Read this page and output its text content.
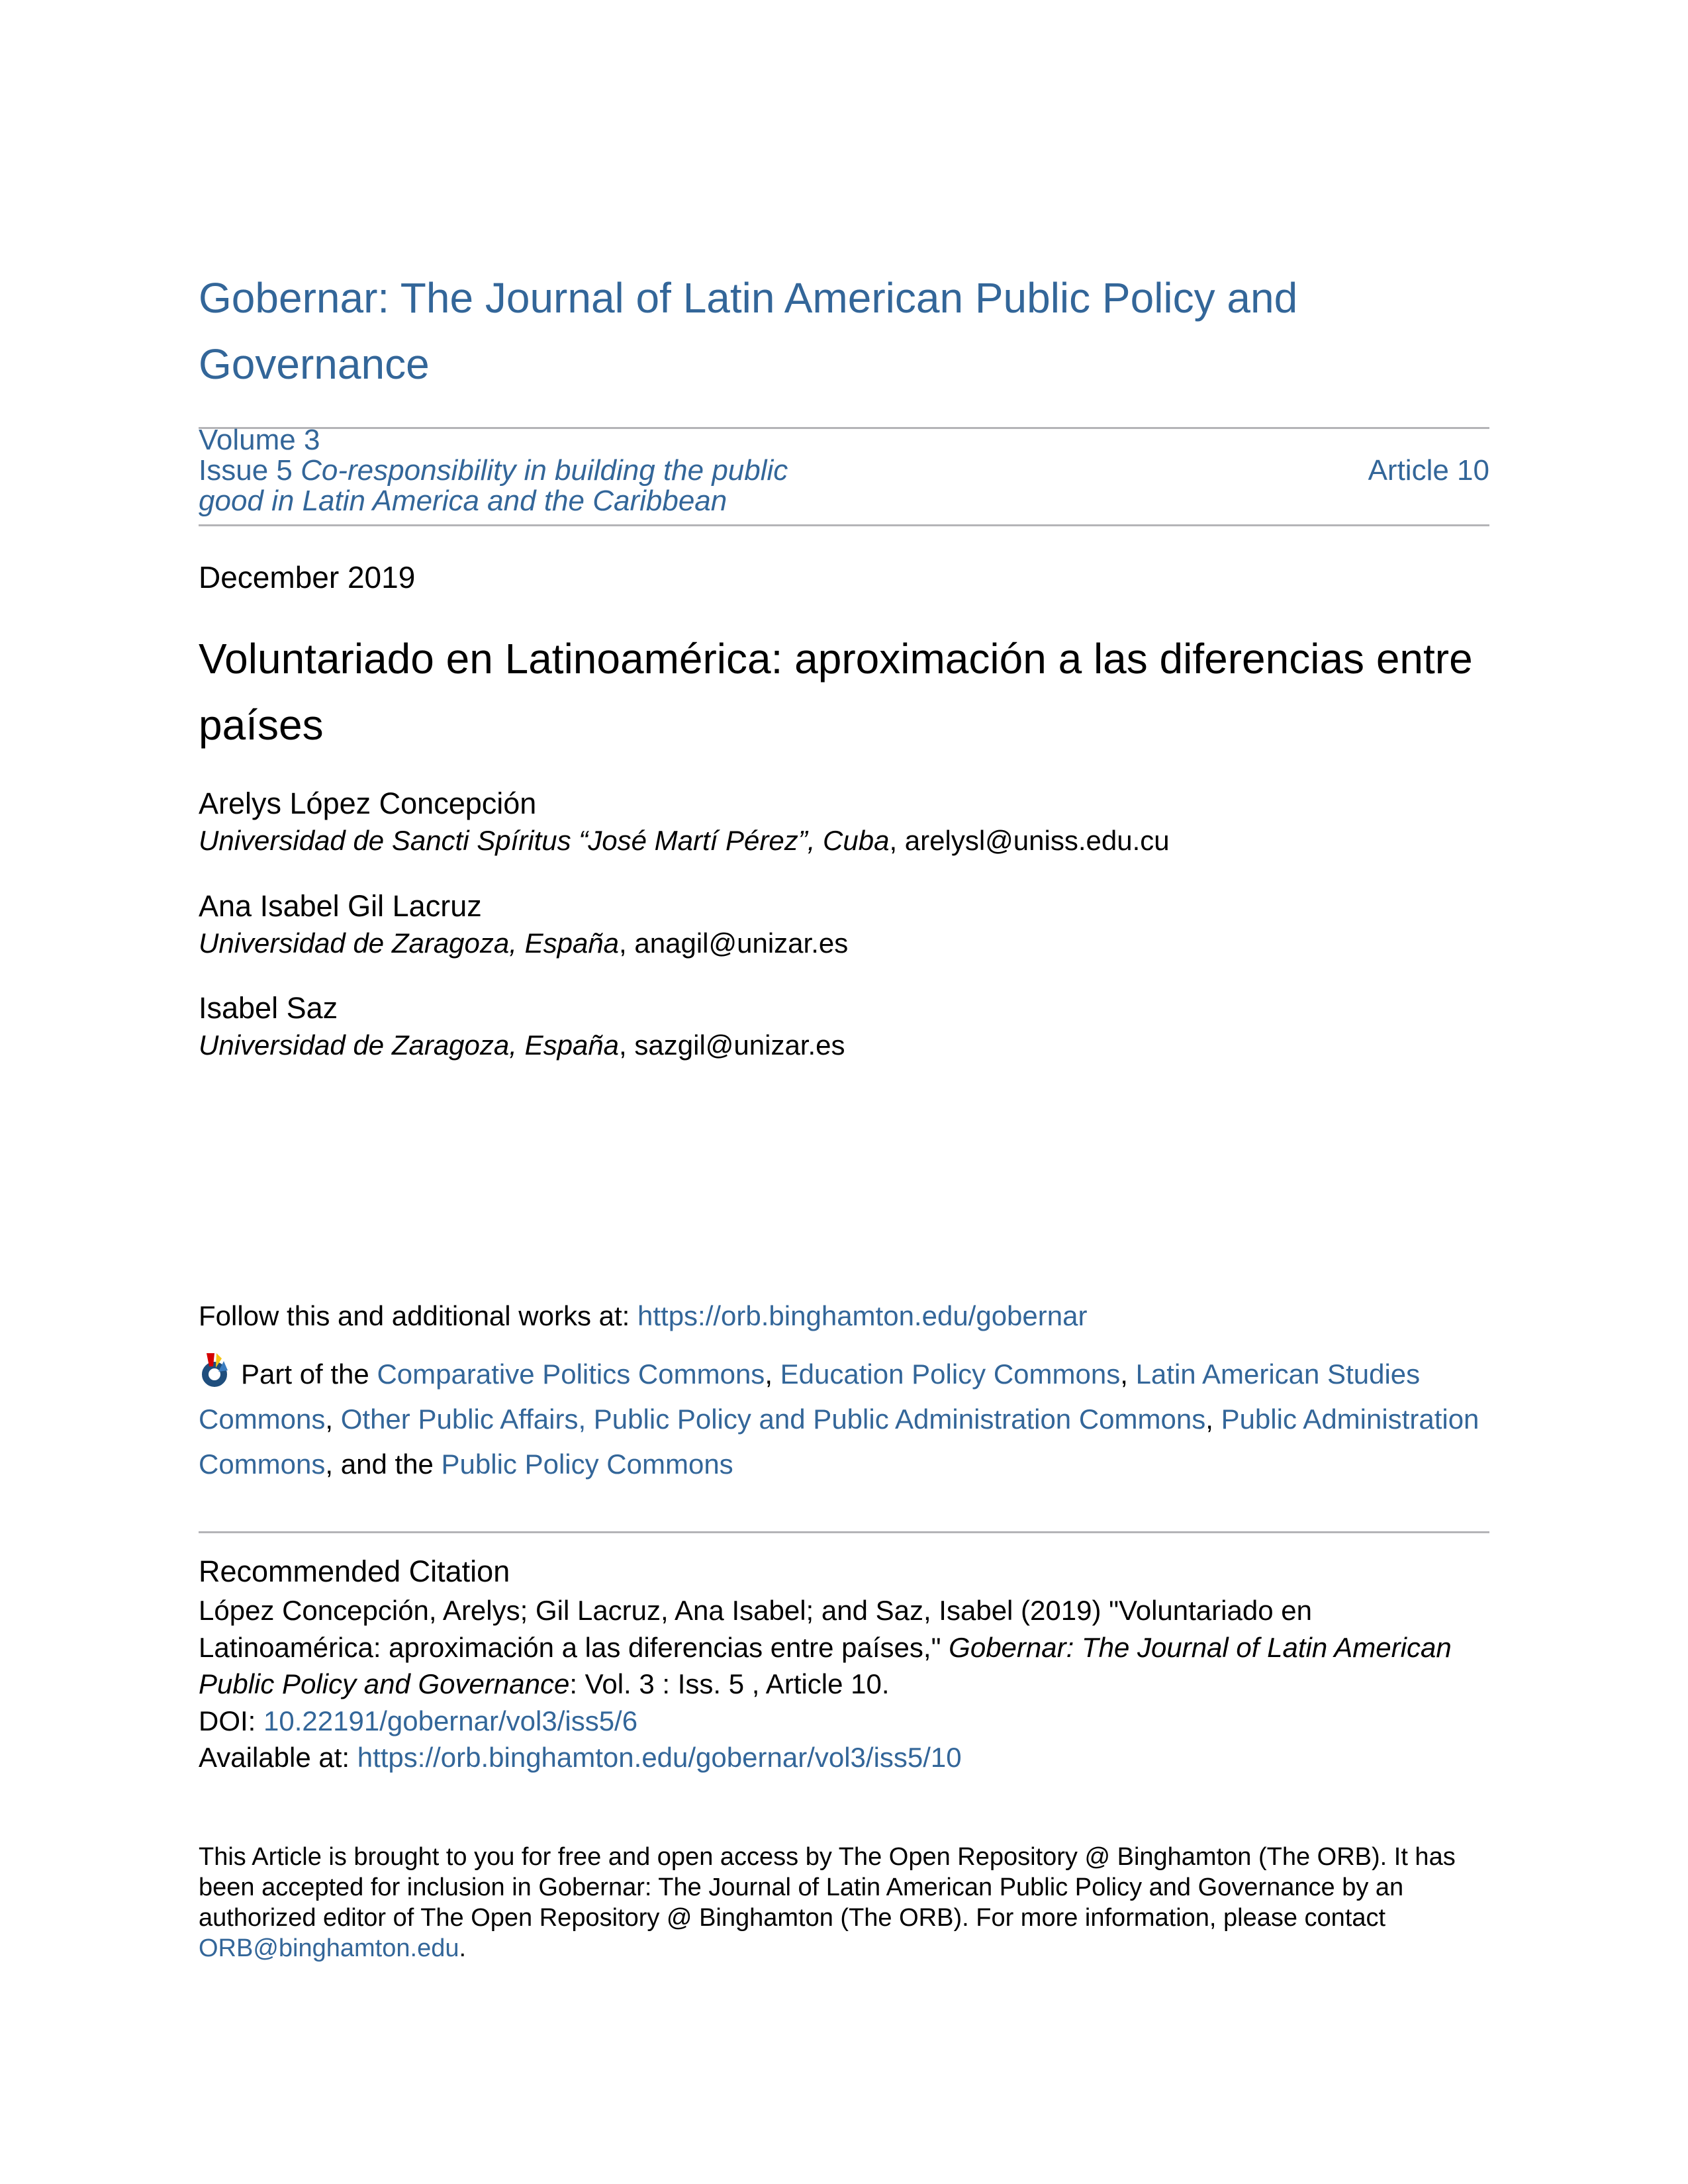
Gobernar: The Journal of Latin American Public Policy and Governance
Volume 3
Issue 5 Co-responsibility in building the public good in Latin America and the Caribbean
Article 10
December 2019
Voluntariado en Latinoamérica: aproximación a las diferencias entre países
Arelys López Concepción
Universidad de Sancti Spíritus “José Martí Pérez”, Cuba, arelysl@uniss.edu.cu
Ana Isabel Gil Lacruz
Universidad de Zaragoza, España, anagil@unizar.es
Isabel Saz
Universidad de Zaragoza, España, sazgil@unizar.es
Follow this and additional works at: https://orb.binghamton.edu/gobernar
Part of the Comparative Politics Commons, Education Policy Commons, Latin American Studies Commons, Other Public Affairs, Public Policy and Public Administration Commons, Public Administration Commons, and the Public Policy Commons
Recommended Citation
López Concepción, Arelys; Gil Lacruz, Ana Isabel; and Saz, Isabel (2019) "Voluntariado en Latinoamérica: aproximación a las diferencias entre países," Gobernar: The Journal of Latin American Public Policy and Governance: Vol. 3 : Iss. 5 , Article 10.
DOI: 10.22191/gobernar/vol3/iss5/6
Available at: https://orb.binghamton.edu/gobernar/vol3/iss5/10
This Article is brought to you for free and open access by The Open Repository @ Binghamton (The ORB). It has been accepted for inclusion in Gobernar: The Journal of Latin American Public Policy and Governance by an authorized editor of The Open Repository @ Binghamton (The ORB). For more information, please contact ORB@binghamton.edu.
